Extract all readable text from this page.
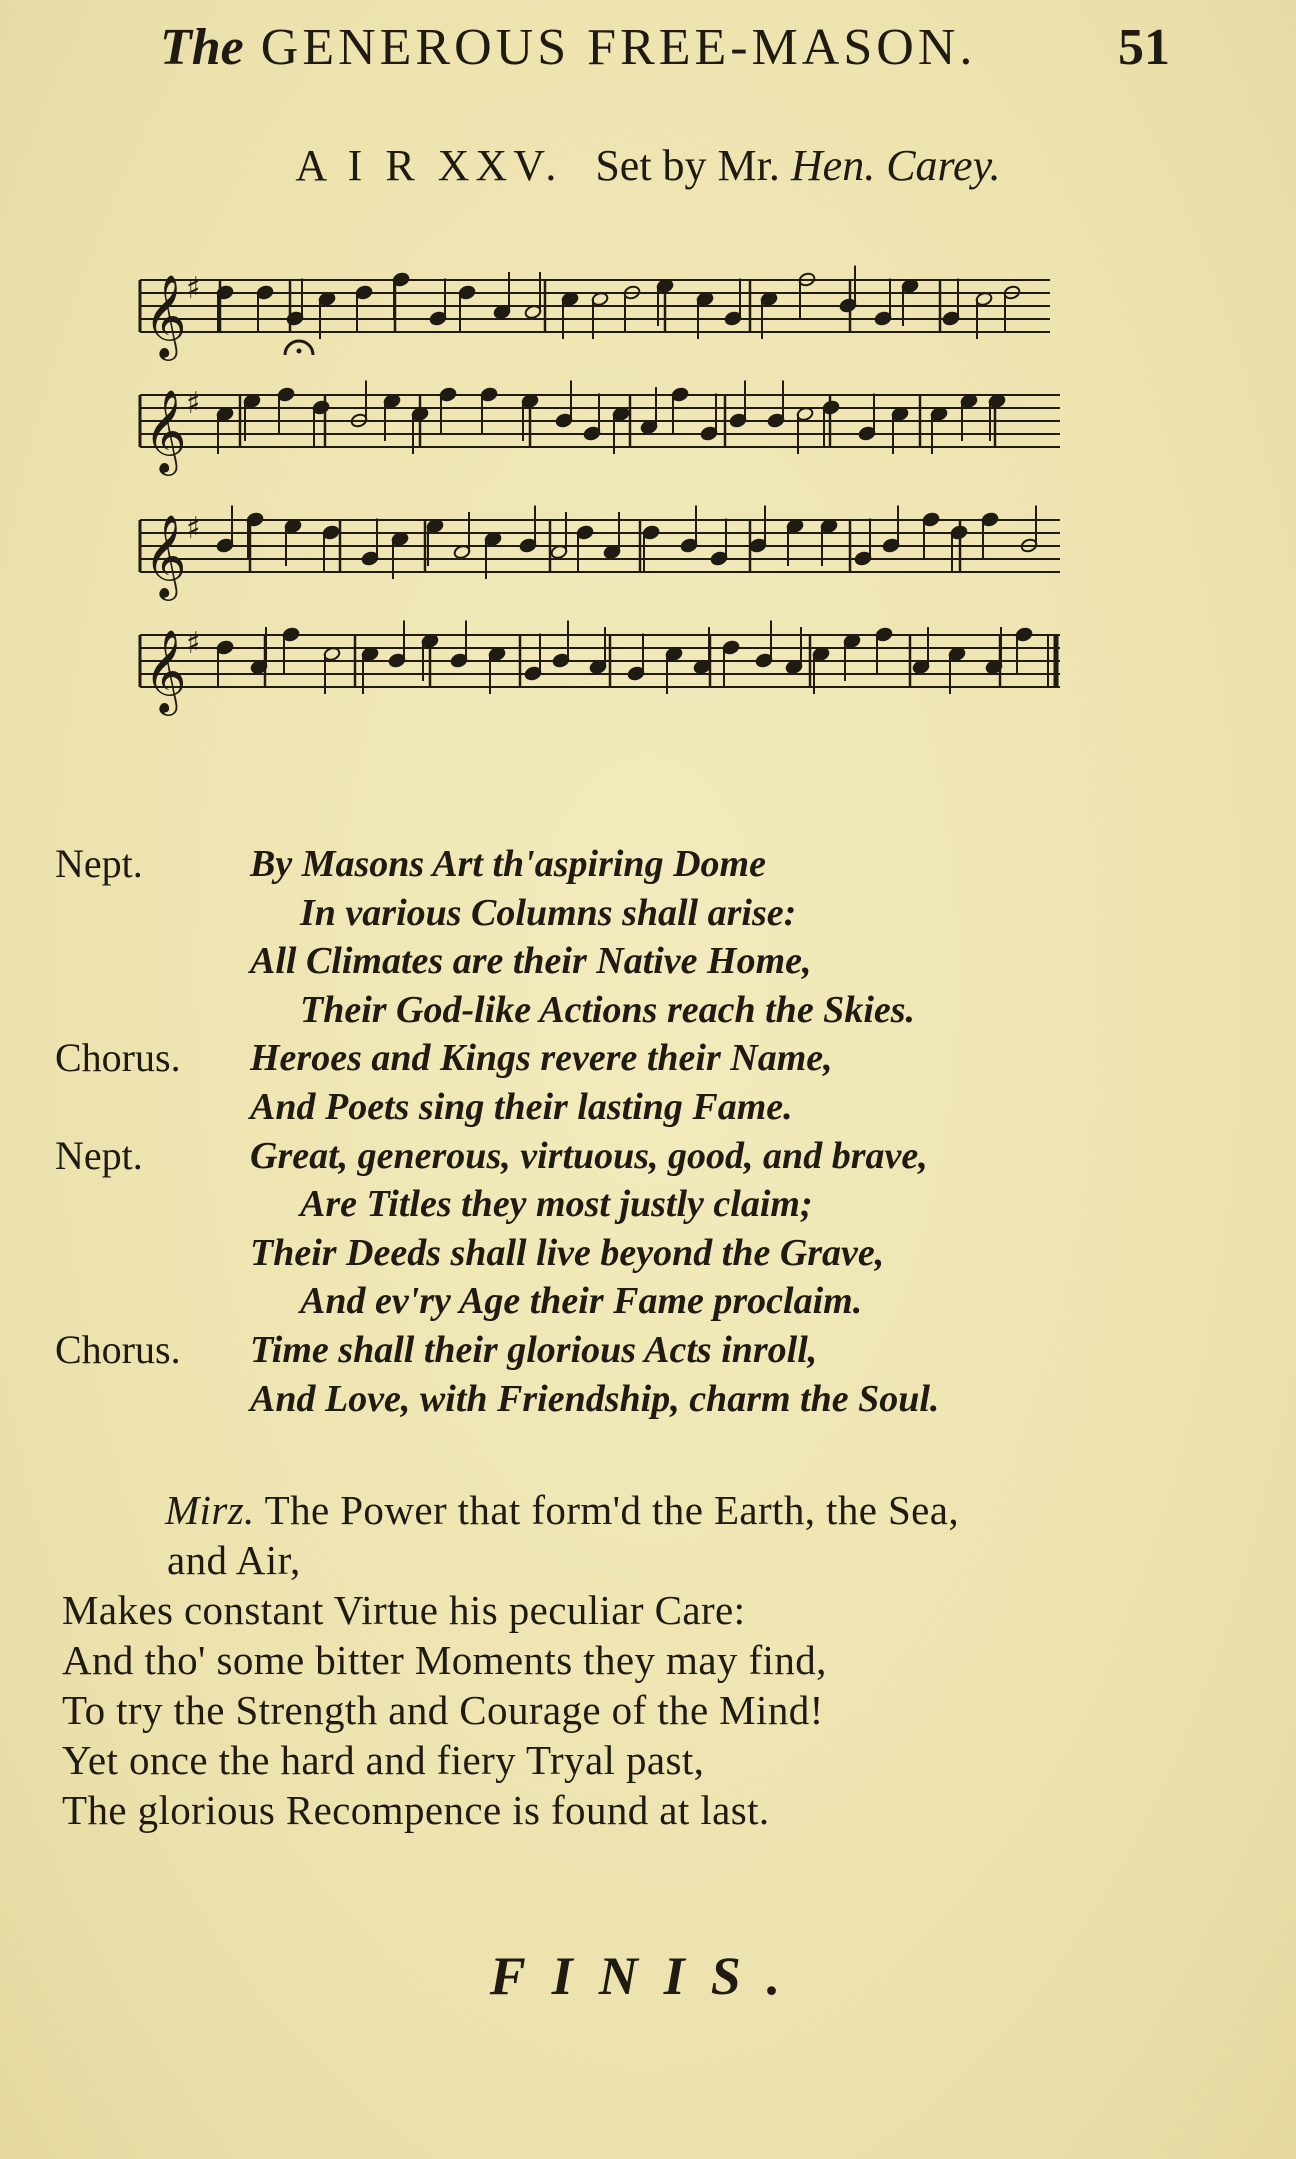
The GENEROUS FREE-MASON.	51
A I R XXV. Set by Mr. Hen. Carey.
𝄞 ♯
𝄞 ♯
𝄞 ♯
𝄞 ♯
Nept.	By Masons Art th'aspiring Dome
In various Columns shall arise:
All Climates are their Native Home,
Their God-like Actions reach the Skies.
Chorus. Heroes and Kings revere their Name,
And Poets sing their lasting Fame.
Nept.	Great, generous, virtuous, good, and brave,
Are Titles they most justly claim;
Their Deeds shall live beyond the Grave,
And ev'ry Age their Fame proclaim.
Chorus. Time shall their glorious Acts inroll,
And Love, with Friendship, charm the Soul.
Mirz. The Power that form'd the Earth, the Sea,
and Air,
Makes constant Virtue his peculiar Care:
And tho' some bitter Moments they may find,
To try the Strength and Courage of the Mind!
Yet once the hard and fiery Tryal past,
The glorious Recompence is found at last.
FINIS.
